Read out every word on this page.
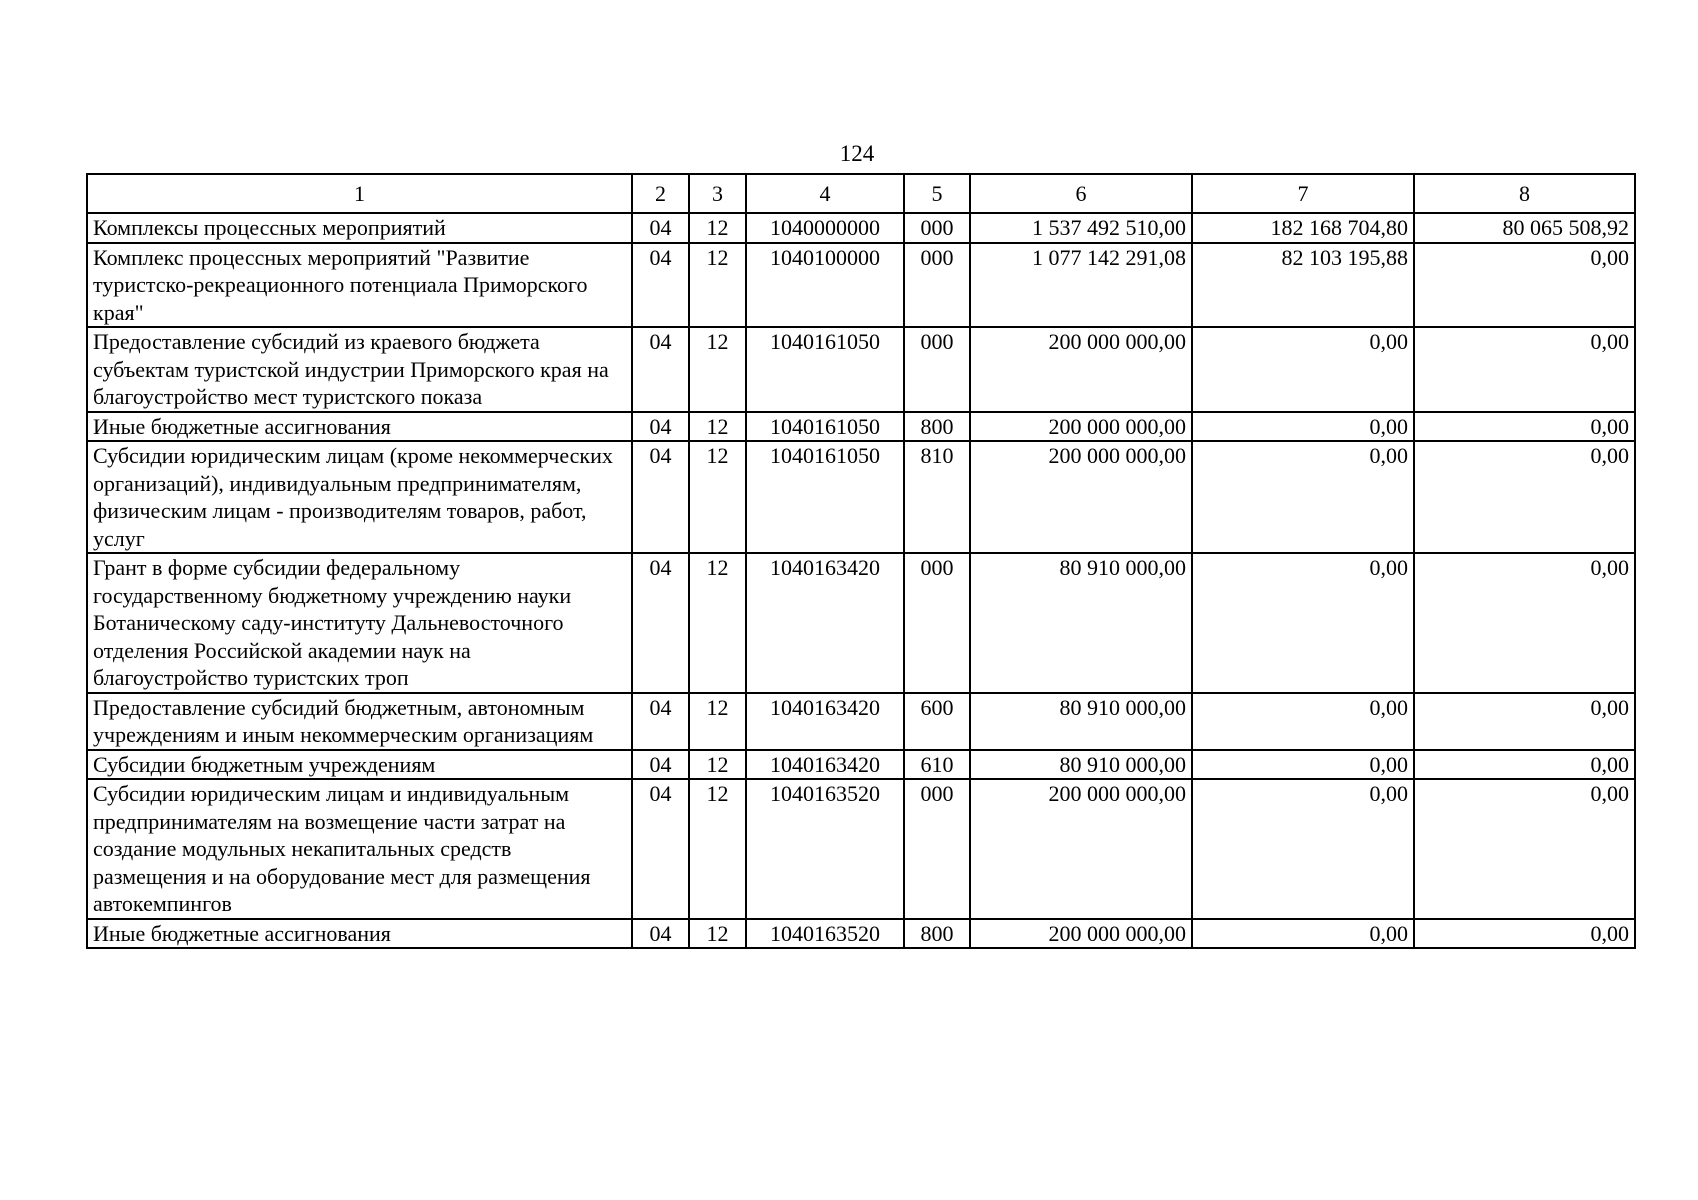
124
1	2	3	4	5	6	7	8
Комплексы процессных мероприятий	04	12	1040000000	000	1 537 492 510,00	182 168 704,80	80 065 508,92
Комплекс процессных мероприятий "Развитие туристско-рекреационного потенциала Приморского края"	04	12	1040100000	000	1 077 142 291,08	82 103 195,88	0,00
Предоставление субсидий из краевого бюджета субъектам туристской индустрии Приморского края на благоустройство мест туристского показа	04	12	1040161050	000	200 000 000,00	0,00	0,00
Иные бюджетные ассигнования	04	12	1040161050	800	200 000 000,00	0,00	0,00
Субсидии юридическим лицам (кроме некоммерческих организаций), индивидуальным предпринимателям, физическим лицам - производителям товаров, работ, услуг	04	12	1040161050	810	200 000 000,00	0,00	0,00
Грант в форме субсидии федеральному государственному бюджетному учреждению науки Ботаническому саду-институту Дальневосточного отделения Российской академии наук на благоустройство туристских троп	04	12	1040163420	000	80 910 000,00	0,00	0,00
Предоставление субсидий бюджетным, автономным учреждениям и иным некоммерческим организациям	04	12	1040163420	600	80 910 000,00	0,00	0,00
Субсидии бюджетным учреждениям	04	12	1040163420	610	80 910 000,00	0,00	0,00
Субсидии юридическим лицам и индивидуальным предпринимателям на возмещение части затрат на создание модульных некапитальных средств размещения и на оборудование мест для размещения автокемпингов	04	12	1040163520	000	200 000 000,00	0,00	0,00
Иные бюджетные ассигнования	04	12	1040163520	800	200 000 000,00	0,00	0,00
